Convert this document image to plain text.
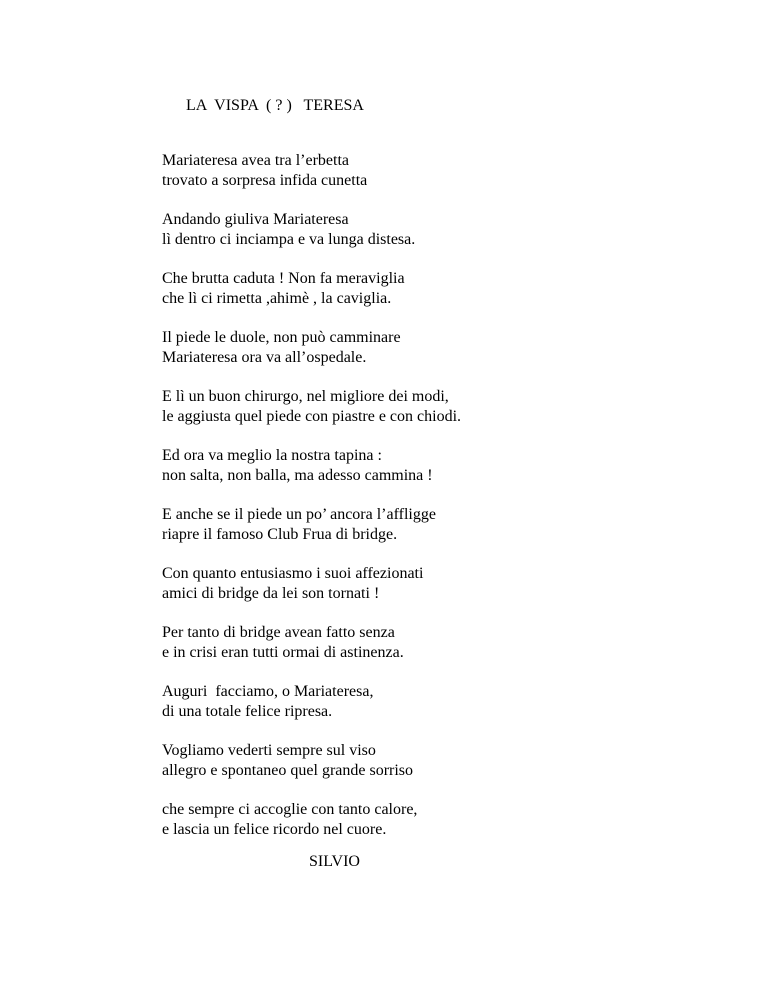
LA  VISPA  ( ? )   TERESA
Mariateresa avea tra l’erbetta
trovato a sorpresa infida cunetta
Andando giuliva Mariateresa
lì dentro ci inciampa e va lunga distesa.
Che brutta caduta ! Non fa meraviglia
che lì ci rimetta ,ahimè , la caviglia.
Il piede le duole, non può camminare
Mariateresa ora va all’ospedale.
E lì un buon chirurgo, nel migliore dei modi,
le aggiusta quel piede con piastre e con chiodi.
Ed ora va meglio la nostra tapina :
non salta, non balla, ma adesso cammina !
E anche se il piede un po’ ancora l’affligge
riapre il famoso Club Frua di bridge.
Con quanto entusiasmo i suoi affezionati
amici di bridge da lei son tornati !
Per tanto di bridge avean fatto senza
e in crisi eran tutti ormai di astinenza.
Auguri  facciamo, o Mariateresa,
di una totale felice ripresa.
Vogliamo vederti sempre sul viso
allegro e spontaneo quel grande sorriso
che sempre ci accoglie con tanto calore,
e lascia un felice ricordo nel cuore.
SILVIO
